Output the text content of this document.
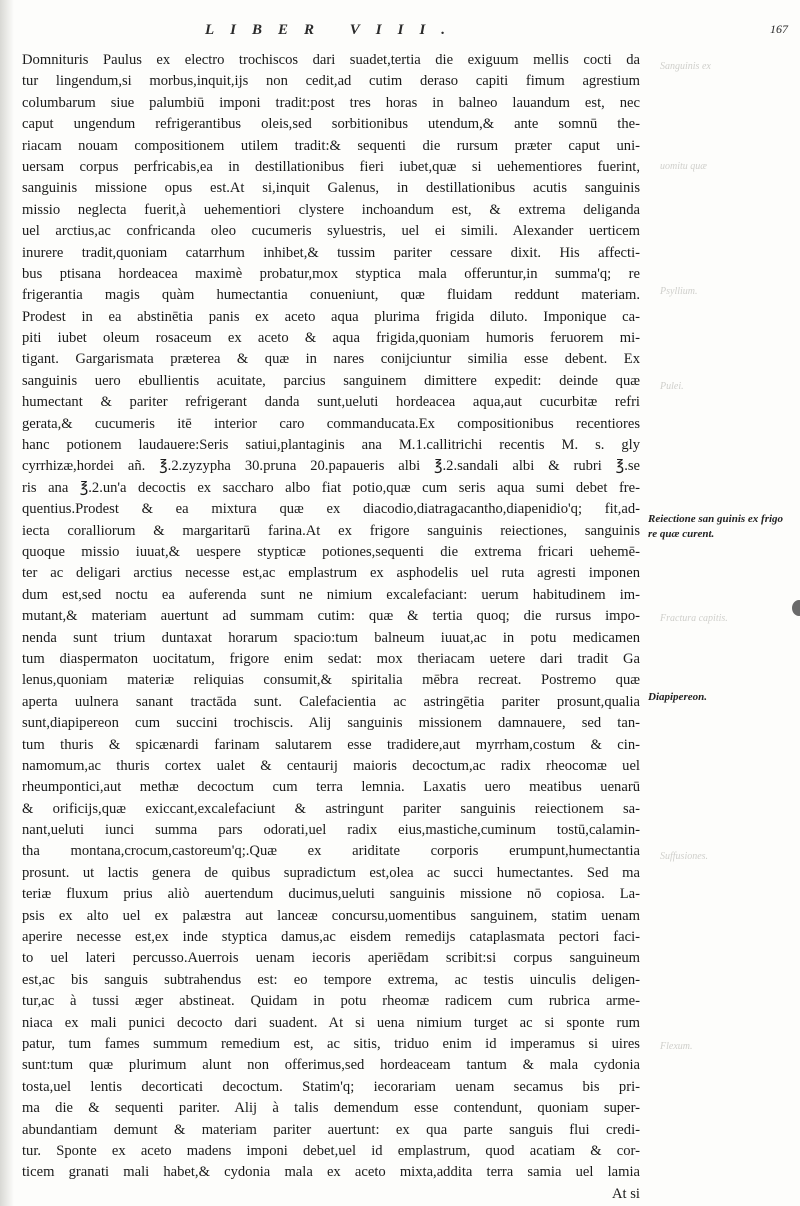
LIBER VIII.	167
Domnituris Paulus ex electro trochiscos dari suadet,tertia die exiguum mellis cocti da
tur lingendum,si morbus,inquit,ijs non cedit,ad cutim deraso capiti fimum agrestium
columbarum siue palumbiū imponi tradit:post tres horas in balneo lauandum est, nec
caput ungendum refrigerantibus oleis,sed sorbitionibus utendum,& ante somnū the-
riacam nouam compositionem utilem tradit:& sequenti die rursum præter caput uni-
uersam corpus perfricabis,ea in destillationibus fieri iubet,quæ si uehementiores fuerint,
sanguinis missione opus est.At si,inquit Galenus, in destillationibus acutis sanguinis
missio neglecta fuerit,à uehementiori clystere inchoandum est, & extrema deliganda
uel arctius,ac confricanda oleo cucumeris syluestris, uel ei simili. Alexander uerticem
inurere tradit,quoniam catarrhum inhibet,& tussim pariter cessare dixit. His affecti-
bus ptisana hordeacea maximè probatur,mox styptica mala offeruntur,in summa'q; re
frigerantia magis quàm humectantia conueniunt, quæ fluidam reddunt materiam.
Prodest in ea abstinētia panis ex aceto aqua plurima frigida diluto. Imponique ca-
piti iubet oleum rosaceum ex aceto & aqua frigida,quoniam humoris feruorem mi-
tigant. Gargarismata præterea & quæ in nares conijciuntur similia esse debent. Ex
sanguinis uero ebullientis acuitate, parcius sanguinem dimittere expedit: deinde quæ
humectant & pariter refrigerant danda sunt,ueluti hordeacea aqua,aut cucurbitæ refri
gerata,& cucumeris itē interior caro commanducata.Ex compositionibus recentiores
hanc potionem laudauere:Seris satiui,plantaginis ana M.1.callitrichi recentis M. s. gly
cyrrhizæ,hordei añ. ℥.2.zyzypha 30.pruna 20.papaueris albi ℥.2.sandali albi & rubri ℥.se
ris ana ℥.2.un'a decoctis ex saccharo albo fiat potio,quæ cum seris aqua sumi debet fre-
quentius.Prodest & ea mixtura quæ ex diacodio,diatragacantho,diapenidio'q; fit,ad-
iecta coralliorum & margaritarū farina.At ex frigore sanguinis reiectiones, sanguinis
quoque missio iuuat,& uespere stypticæ potiones,sequenti die extrema fricari uehemē-
ter ac deligari arctius necesse est,ac emplastrum ex asphodelis uel ruta agresti imponen
dum est,sed noctu ea auferenda sunt ne nimium excalefaciant: uerum habitudinem im-
mutant,& materiam auertunt ad summam cutim: quæ & tertia quoq; die rursus impo-
nenda sunt trium duntaxat horarum spacio:tum balneum iuuat,ac in potu medicamen
tum diaspermaton uocitatum, frigore enim sedat: mox theriacam uetere dari tradit Ga
lenus,quoniam materiæ reliquias consumit,& spiritalia mēbra recreat. Postremo quæ
aperta uulnera sanant tractāda sunt. Calefacientia ac astringētia pariter prosunt,qualia
sunt,diapipereon cum succini trochiscis. Alij sanguinis missionem damnauere, sed tan-
tum thuris & spicænardi farinam salutarem esse tradidere,aut myrrham,costum & cin-
namomum,ac thuris cortex ualet & centaurij maioris decoctum,ac radix rheocomæ uel
rheumpontici,aut methæ decoctum cum terra lemnia. Laxatis uero meatibus uenarū
& orificijs,quæ exiccant,excalefaciunt & astringunt pariter sanguinis reiectionem sa-
nant,ueluti iunci summa pars odorati,uel radix eius,mastiche,cuminum tostū,calamin-
tha montana,crocum,castoreum'q;.Quæ ex ariditate corporis erumpunt,humectantia
prosunt. ut lactis genera de quibus supradictum est,olea ac succi humectantes. Sed ma
teriæ fluxum prius aliò auertendum ducimus,ueluti sanguinis missione nō copiosa. La-
psis ex alto uel ex palæstra aut lanceæ concursu,uomentibus sanguinem, statim uenam
aperire necesse est,ex inde styptica damus,ac eisdem remedijs cataplasmata pectori faci-
to uel lateri percusso.Auerrois uenam iecoris aperiēdam scribit:si corpus sanguineum
est,ac bis sanguis subtrahendus est: eo tempore extrema, ac testis uinculis deligen-
tur,ac à tussi æger abstineat. Quidam in potu rheomæ radicem cum rubrica arme-
niaca ex mali punici decocto dari suadent. At si uena nimium turget ac si sponte rum
patur, tum fames summum remedium est, ac sitis, triduo enim id imperamus si uires
sunt:tum quæ plurimum alunt non offerimus,sed hordeaceam tantum & mala cydonia
tosta,uel lentis decorticati decoctum. Statim'q; iecorariam uenam secamus bis pri-
ma die & sequenti pariter. Alij à talis demendum esse contendunt, quoniam super-
abundantiam demunt & materiam pariter auertunt: ex qua parte sanguis flui credi-
tur. Sponte ex aceto madens imponi debet,uel id emplastrum, quod acatiam & cor-
ticem granati mali habet,& cydonia mala ex aceto mixta,addita terra samia uel lamia
At si
Reiectione san guinis ex frigo re quæ curent.
Diapipereon.
Sanguinis ex
uomitu quæ
Psyllium.
Pulei.
Fractura capitis.
Suffusiones.
Flexum.
